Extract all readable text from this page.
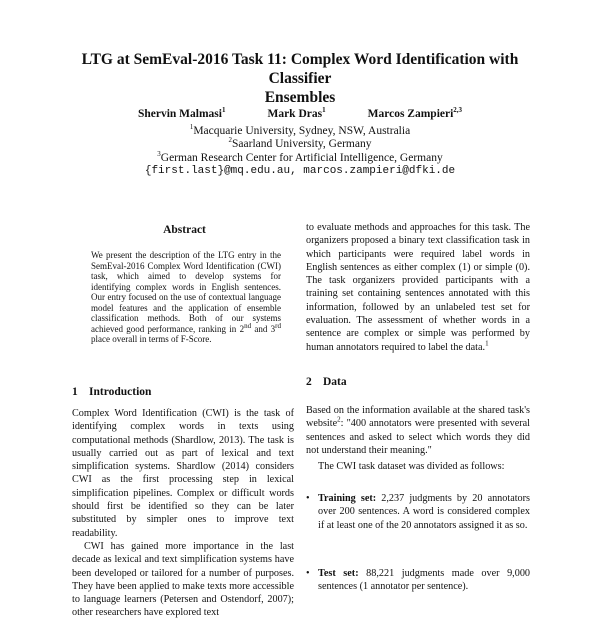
LTG at SemEval-2016 Task 11: Complex Word Identification with Classifier
Ensembles
Shervin Malmasi$^1$	Mark Dras$^1$	Marcos Zampieri$^{2,3}$
$^1$Macquarie University, Sydney, NSW, Australia
$^2$Saarland University, Germany
$^3$German Research Center for Artificial Intelligence, Germany
{first.last}@mq.edu.au, marcos.zampieri@dfki.de
Abstract
We present the description of the LTG entry in the SemEval-2016 Complex Word Identification (CWI) task, which aimed to develop systems for identifying complex words in English sentences. Our entry focused on the use of contextual language model features and the application of ensemble classification methods. Both of our systems achieved good performance, ranking in 2nd and 3rd place overall in terms of F-Score.
1 Introduction

Complex Word Identification (CWI) is the task of identifying complex words in texts using computational methods (Shardlow, 2013). The task is usually carried out as part of lexical and text simplification systems. Shardlow (2014) considers CWI as the first processing step in lexical simplification pipelines. Complex or difficult words should first be identified so they can be later substituted by simpler ones to improve text readability.

CWI has gained more importance in the last decade as lexical and text simplification systems have been developed or tailored for a number of purposes. They have been applied to make texts more accessible to language learners (Petersen and Ostendorf, 2007); other researchers have explored text

to evaluate methods and approaches for this task. The organizers proposed a binary text classification task in which participants were required label words in English sentences as either complex (1) or simple (0). The task organizers provided participants with a training set containing sentences annotated with this information, followed by an unlabeled test set for evaluation. The assessment of whether words in a sentence are complex or simple was performed by human annotators required to label the data.$^1$

2 Data

Based on the information available at the shared task's website$^2$: "400 annotators were presented with several sentences and asked to select which words they did not understand their meaning."

The CWI task dataset was divided as follows:

• Training set: 2,237 judgments by 20 annotators over 200 sentences. A word is considered complex if at least one of the 20 annotators assigned it as so.
• Test set: 88,221 judgments made over 9,000 sentences (1 annotator per sentence).
